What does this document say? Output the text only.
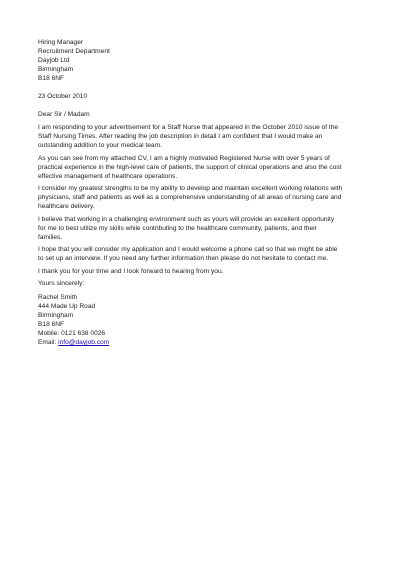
Hiring Manager
Recruitment Department
Dayjob Ltd
Birmingham
B18 6NF
23 October 2010
Dear Sir / Madam
I am responding to your advertisement for a Staff Nurse that appeared in the October 2010 issue of the
Staff Nursing Times. After reading the job description in detail I am confident that I would make an
outstanding addition to your medical team.
As you can see from my attached CV, I am a highly motivated Registered Nurse with over 5 years of
practical experience in the high-level care of patients, the support of clinical operations and also the cost
effective management of healthcare operations.
I consider my greatest strengths to be my ability to develop and maintain excellent working relations with
physicians, staff and patients as well as a comprehensive understanding of all areas of nursing care and
healthcare delivery.
I believe that working in a challenging environment such as yours will provide an excellent opportunity
for me to best utilize my skills while contributing to the healthcare community, patients, and their
families.
I hope that you will consider my application and I would welcome a phone call so that we might be able
to set up an interview. If you need any further information then please do not hesitate to contact me.
I thank you for your time and I look forward to hearing from you.
Yours sincerely:
Rachel Smith
444 Made Up Road
Birmingham
B18 6NF
Mobile: 0121 638 0026
Email: info@dayjob.com
